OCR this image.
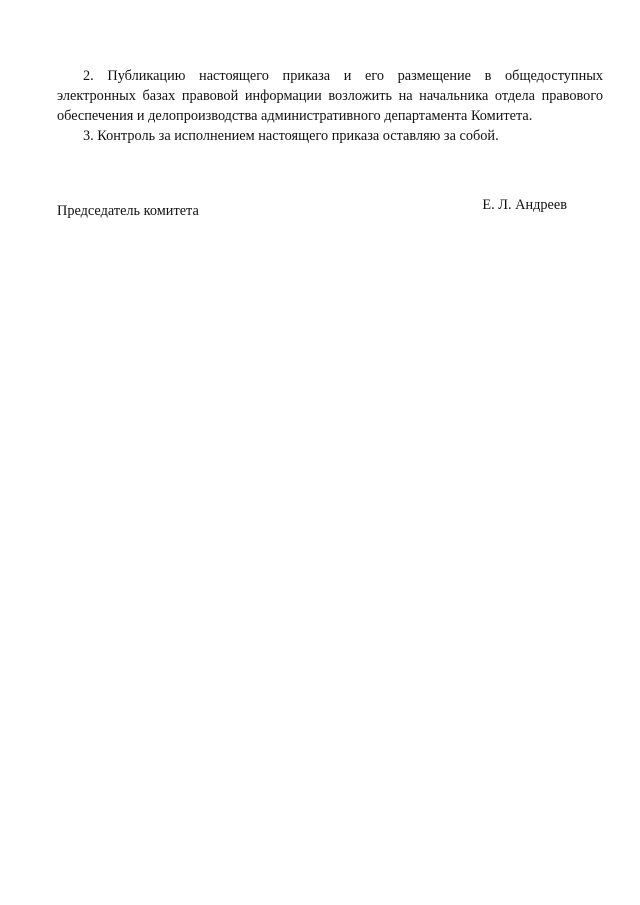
2. Публикацию настоящего приказа и его размещение в общедоступных электронных базах правовой информации возложить на начальника отдела правового обеспечения и делопроизводства административного департамента Комитета.

3. Контроль за исполнением настоящего приказа оставляю за собой.

Председатель комитета	Е. Л. Андреев
